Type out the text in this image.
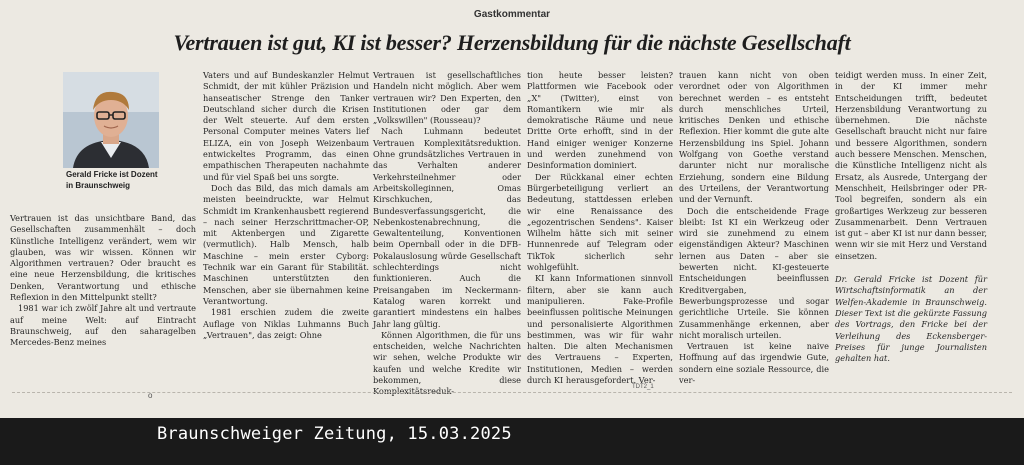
Gastkommentar
Vertrauen ist gut, KI ist besser? Herzensbildung für die nächste Gesellschaft
Gerald Fricke ist Dozent
in Braunschweig

Vertrauen ist das unsichtbare Band, das Gesellschaften zusammenhält – doch Künstliche Intelligenz verändert, wem wir glauben, was wir wissen. Können wir Algorithmen vertrauen? Oder braucht es eine neue Herzensbildung, die kritisches Denken, Verantwortung und ethische Reflexion in den Mittelpunkt stellt?

1981 war ich zwölf Jahre alt und vertraute auf meine Welt: auf Eintracht Braunschweig, auf den saharagelben Mercedes-Benz meines

Vaters und auf Bundeskanzler Helmut Schmidt, der mit kühler Präzision und hanseatischer Strenge den Tanker Deutschland sicher durch die Krisen der Welt steuerte. Auf dem ersten Personal Computer meines Vaters lief ELIZA, ein von Joseph Weizenbaum entwickeltes Programm, das einen empathischen Therapeuten nachahmte und für viel Spaß bei uns sorgte.

Doch das Bild, das mich damals am meisten beeindruckte, war Helmut Schmidt im Krankenhausbett regierend – nach seiner Herzschrittmacher-OP, mit Aktenbergen und Zigarette (vermutlich). Halb Mensch, halb Maschine – mein erster Cyborg: Technik war ein Garant für Stabilität. Maschinen unterstützten den Menschen, aber sie übernahmen keine Verantwortung.

1981 erschien zudem die zweite Auflage von Niklas Luhmanns Buch „Vertrauen", das zeigt: Ohne

Vertrauen ist gesellschaftliches Handeln nicht möglich. Aber wem vertrauen wir? Den Experten, den Institutionen oder gar dem „Volkswillen" (Rousseau)?

Nach Luhmann bedeutet Vertrauen Komplexitätsreduktion. Ohne grundsätzliches Vertrauen in das Verhalten anderer Verkehrsteilnehmer oder Arbeitskolleginnen, Omas Kirschkuchen, das Bundesverfassungsgericht, die Nebenkostenabrechnung, die Gewaltenteilung, Konventionen beim Opernball oder in die DFB-Pokalauslosung würde Gesellschaft schlechterdings nicht funktionieren. Auch die Preisangaben im Neckermann-Katalog waren korrekt und garantiert mindestens ein halbes Jahr lang gültig.

Können Algorithmen, die für uns entscheiden, welche Nachrichten wir sehen, welche Produkte wir kaufen und welche Kredite wir bekommen, diese Komplexitätsreduk-

tion heute besser leisten? Plattformen wie Facebook oder „X" (Twitter), einst von Romantikern wie mir als demokratische Räume und neue Dritte Orte erhofft, sind in der Hand einiger weniger Konzerne und werden zunehmend von Desinformation dominiert.

Der Rückkanal einer echten Bürgerbeteiligung verliert an Bedeutung, stattdessen erleben wir eine Renaissance des „egozentrischen Sendens". Kaiser Wilhelm hätte sich mit seiner Hunnenrede auf Telegram oder TikTok sicherlich sehr wohlgefühlt.

KI kann Informationen sinnvoll filtern, aber sie kann auch manipulieren. Fake-Profile beeinflussen politische Meinungen und personalisierte Algorithmen bestimmen, was wir für wahr halten. Die alten Mechanismen des Vertrauens – Experten, Institutionen, Medien – werden durch KI herausgefordert. Ver-

trauen kann nicht von oben verordnet oder von Algorithmen berechnet werden – es entsteht durch menschliches Urteil, kritisches Denken und ethische Reflexion. Hier kommt die gute alte Herzensbildung ins Spiel. Johann Wolfgang von Goethe verstand darunter nicht nur moralische Erziehung, sondern eine Bildung des Urteilens, der Verantwortung und der Vernunft.

Doch die entscheidende Frage bleibt: Ist KI ein Werkzeug oder wird sie zunehmend zu einem eigenständigen Akteur? Maschinen lernen aus Daten – aber sie bewerten nicht. KI-gesteuerte Entscheidungen beeinflussen Kreditvergaben, Bewerbungsprozesse und sogar gerichtliche Urteile. Sie können Zusammenhänge erkennen, aber nicht moralisch urteilen.

Vertrauen ist keine naive Hoffnung auf das irgendwie Gute, sondern eine soziale Ressource, die ver-

teidigt werden muss. In einer Zeit, in der KI immer mehr Entscheidungen trifft, bedeutet Herzensbildung Verantwortung zu übernehmen. Die nächste Gesellschaft braucht nicht nur faire und bessere Algorithmen, sondern auch bessere Menschen. Menschen, die Künstliche Intelligenz nicht als Ersatz, als Ausrede, Untergang der Menschheit, Heilsbringer oder PR-Tool begreifen, sondern als ein großartiges Werkzeug zur besseren Zusammenarbeit. Denn Vertrauen ist gut – aber KI ist nur dann besser, wenn wir sie mit Herz und Verstand einsetzen.

Dr. Gerald Fricke ist Dozent für Wirtschaftsinformatik an der Welfen-Akademie in Braunschweig. Dieser Text ist die gekürzte Fassung des Vortrags, den Fricke bei der Verleihung des Eckensberger-Preises für junge Journalisten gehalten hat.

TDT2_1
o
Braunschweiger Zeitung, 15.03.2025
